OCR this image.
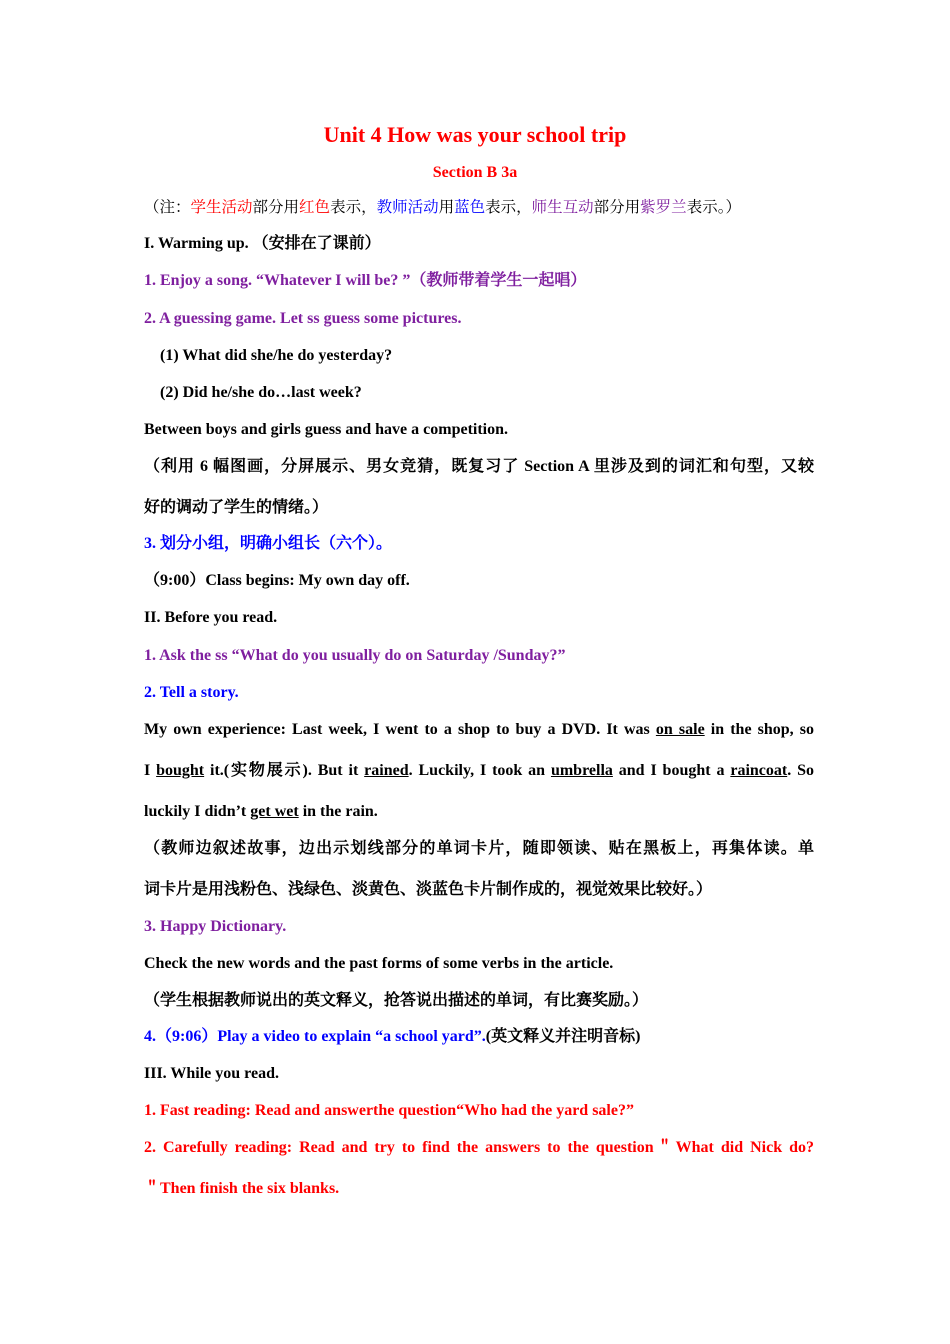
Unit 4 How was your school trip
Section B 3a
（注：学生活动部分用红色表示，教师活动用蓝色表示，师生互动部分用紫罗兰表示。）
I. Warming up. （安排在了课前）
1. Enjoy a song. “Whatever I will be? ”（教师带着学生一起唱）
2. A guessing game. Let ss guess some pictures.
(1) What did she/he do yesterday?
(2) Did he/she do…last week?
Between boys and girls guess and have a competition.
（利用 6 幅图画，分屏展示、男女竞猜，既复习了 Section A 里涉及到的词汇和句型，又较
好的调动了学生的情绪。）
3. 划分小组，明确小组长（六个）。
（9:00）Class begins: My own day off.
II. Before you read.
1. Ask the ss “What do you usually do on Saturday /Sunday?”
2. Tell a story.
My own experience: Last week, I went to a shop to buy a DVD. It was on sale in the shop, so
I bought it.(实物展示). But it rained. Luckily, I took an umbrella and I bought a raincoat. So
luckily I didn’t get wet in the rain.
（教师边叙述故事，边出示划线部分的单词卡片，随即领读、贴在黑板上，再集体读。单
词卡片是用浅粉色、浅绿色、淡黄色、淡蓝色卡片制作成的，视觉效果比较好。）
3. Happy Dictionary.
Check the new words and the past forms of some verbs in the article.
（学生根据教师说出的英文释义，抢答说出描述的单词，有比赛奖励。）
4.（9:06）Play a video to explain “a school yard”.(英文释义并注明音标)
III. While you read.
1. Fast reading: Read and answerthe question“Who had the yard sale?”
2. Carefully reading: Read and try to find the answers to the question＂What did Nick do?
＂Then finish the six blanks.
